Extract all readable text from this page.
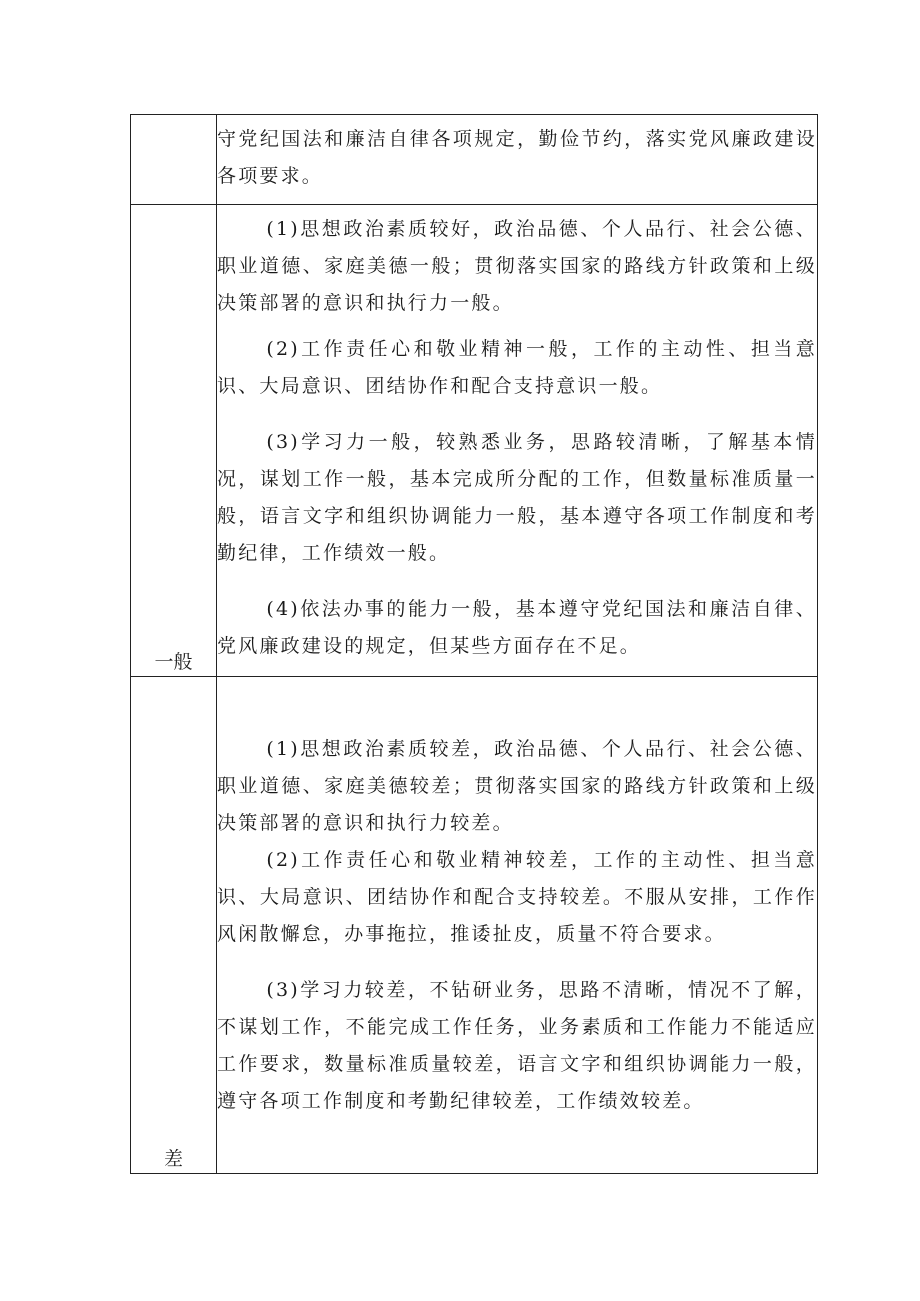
	守党纪国法和廉洁自律各项规定，勤俭节约，落实党风廉政建设各项要求。

一般	(1)思想政治素质较好，政治品德、个人品行、社会公德、职业道德、家庭美德一般；贯彻落实国家的路线方针政策和上级决策部署的意识和执行力一般。

(2)工作责任心和敬业精神一般，工作的主动性、担当意识、大局意识、团结协作和配合支持意识一般。

(3)学习力一般，较熟悉业务，思路较清晰，了解基本情况，谋划工作一般，基本完成所分配的工作，但数量标准质量一般，语言文字和组织协调能力一般，基本遵守各项工作制度和考勤纪律，工作绩效一般。

(4)依法办事的能力一般，基本遵守党纪国法和廉洁自律、党风廉政建设的规定，但某些方面存在不足。

差	(1)思想政治素质较差，政治品德、个人品行、社会公德、职业道德、家庭美德较差；贯彻落实国家的路线方针政策和上级决策部署的意识和执行力较差。

(2)工作责任心和敬业精神较差，工作的主动性、担当意识、大局意识、团结协作和配合支持较差。不服从安排，工作作风闲散懈怠，办事拖拉，推诿扯皮，质量不符合要求。

(3)学习力较差，不钻研业务，思路不清晰，情况不了解，不谋划工作，不能完成工作任务，业务素质和工作能力不能适应工作要求，数量标准质量较差，语言文字和组织协调能力一般，遵守各项工作制度和考勤纪律较差，工作绩效较差。
